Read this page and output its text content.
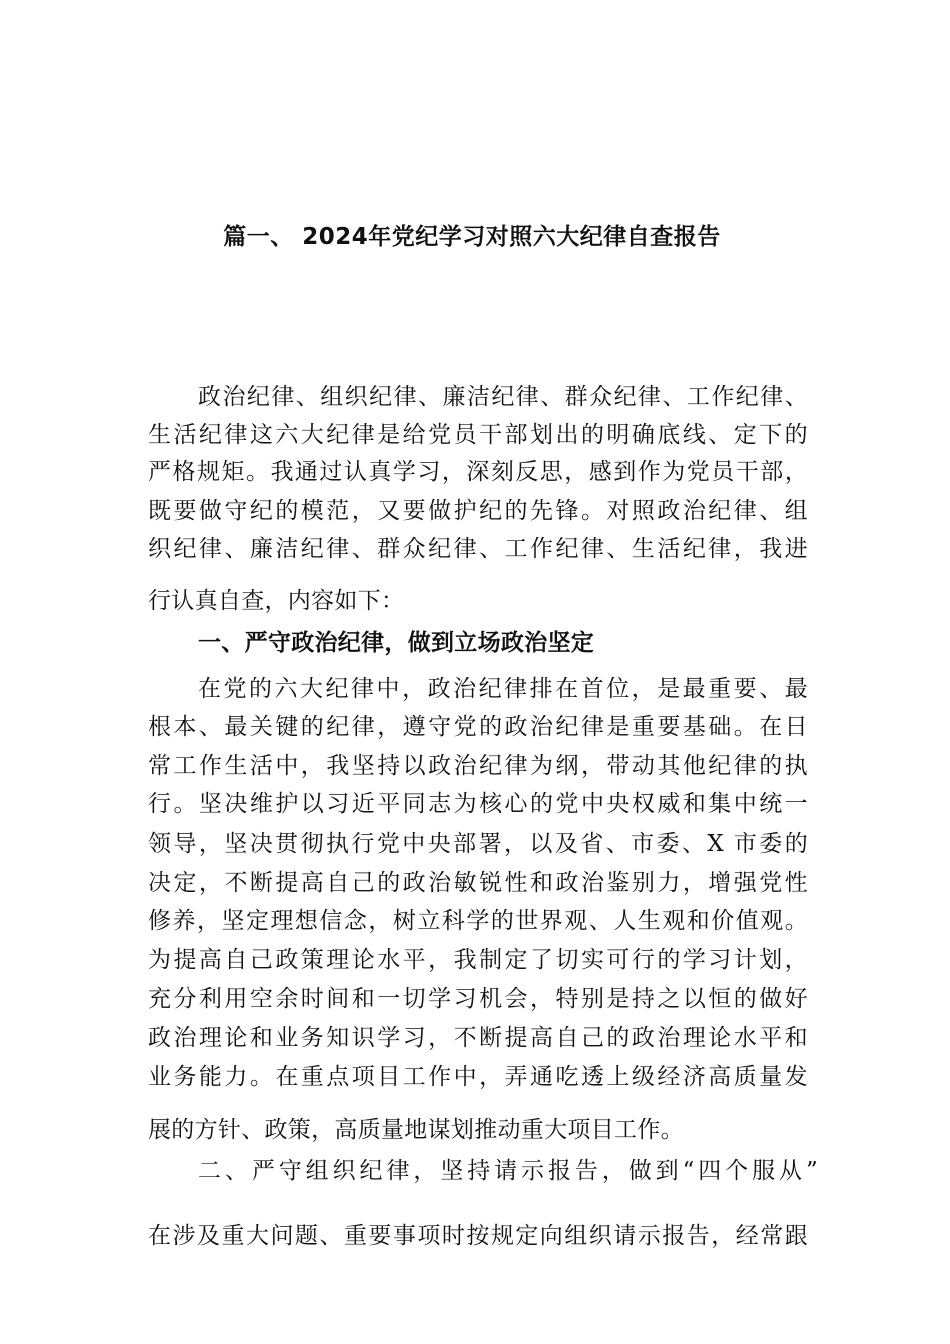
篇一、 2024年党纪学习对照六大纪律自查报告
政治纪律、组织纪律、廉洁纪律、群众纪律、工作纪律、
生活纪律这六大纪律是给党员干部划出的明确底线、定下的
严格规矩。我通过认真学习，深刻反思，感到作为党员干部，
既要做守纪的模范，又要做护纪的先锋。对照政治纪律、组
织纪律、廉洁纪律、群众纪律、工作纪律、生活纪律，我进
行认真自查，内容如下：
一、严守政治纪律，做到立场政治坚定
在党的六大纪律中，政治纪律排在首位，是最重要、最
根本、最关键的纪律，遵守党的政治纪律是重要基础。在日
常工作生活中，我坚持以政治纪律为纲，带动其他纪律的执
行。坚决维护以习近平同志为核心的党中央权威和集中统一
领导，坚决贯彻执行党中央部署，以及省、市委、X 市委的
决定，不断提高自己的政治敏锐性和政治鉴别力，增强党性
修养，坚定理想信念，树立科学的世界观、人生观和价值观。
为提高自己政策理论水平，我制定了切实可行的学习计划，
充分利用空余时间和一切学习机会，特别是持之以恒的做好
政治理论和业务知识学习，不断提高自己的政治理论水平和
业务能力。在重点项目工作中，弄通吃透上级经济高质量发
展的方针、政策，高质量地谋划推动重大项目工作。
二、严守组织纪律，坚持请示报告，做到“四个服从”
在涉及重大问题、重要事项时按规定向组织请示报告，经常跟
